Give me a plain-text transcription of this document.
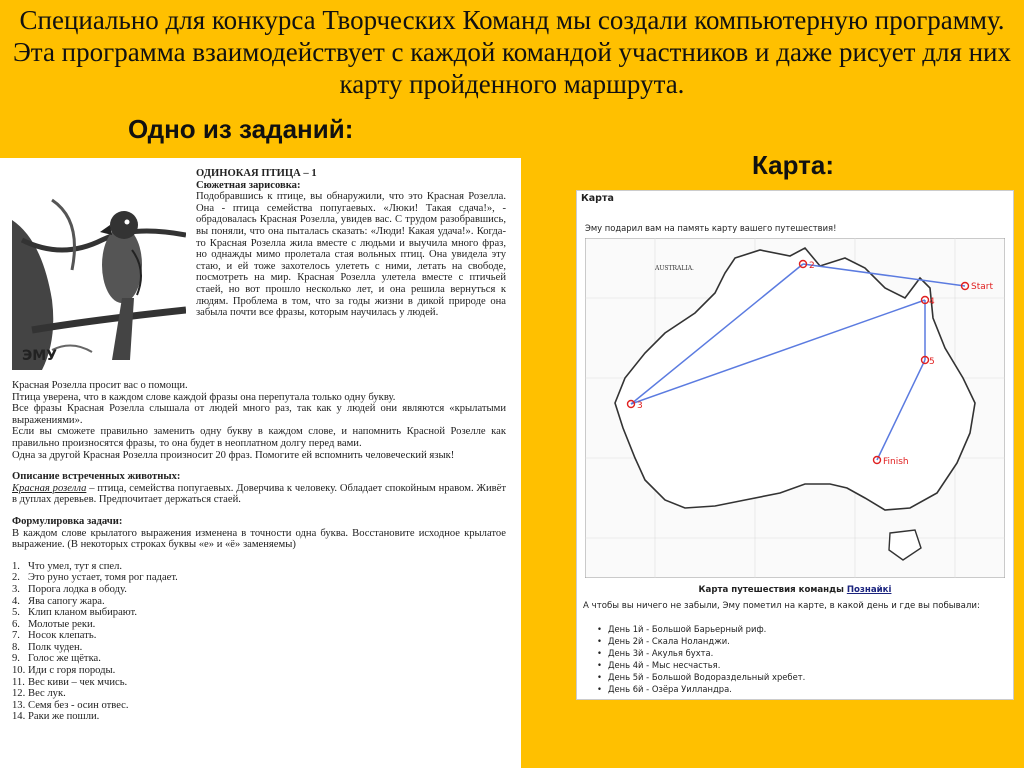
Специально для конкурса Творческих Команд мы создали компьютерную программу. Эта программа взаимодействует с каждой командой участников и даже рисует для них карту пройденного маршрута.
Одно из заданий:
Карта:
ЭМУ
ОДИНОКАЯ ПТИЦА – 1
Сюжетная зарисовка:
Подобравшись к птице, вы обнаружили, что это Красная Розелла. Она - птица семейства попугаевых. «Люки! Такая сдача!», - обрадовалась Красная Розелла, увидев вас. С трудом разобравшись, вы поняли, что она пыталась сказать: «Люди! Какая удача!». Когда-то Красная Розелла жила вместе с людьми и выучила много фраз, но однажды мимо пролетала стая вольных птиц. Она увидела эту стаю, и ей тоже захотелось улететь с ними, летать на свободе, посмотреть на мир. Красная Розелла улетела вместе с птичьей стаей, но вот прошло несколько лет, и она решила вернуться к людям. Проблема в том, что за годы жизни в дикой природе она забыла почти все фразы, которым научилась у людей.

Красная Розелла просит вас о помощи.

Птица уверена, что в каждом слове каждой фразы она перепутала только одну букву.

Все фразы Красная Розелла слышала от людей много раз, так как у людей они являются «крылатыми выражениями».

Если вы сможете правильно заменить одну букву в каждом слове, и напомнить Красной Розелле как правильно произносятся фразы, то она будет в неоплатном долгу перед вами.

Одна за другой Красная Розелла произносит 20 фраз. Помогите ей вспомнить человеческий язык!

Описание встреченных животных:

Красная розелла – птица, семейства попугаевых. Доверчива к человеку. Обладает спокойным нравом. Живёт в дуплах деревьев. Предпочитает держаться стаей.

Формулировка задачи:

В каждом слове крылатого выражения изменена в точности одна буква. Восстановите исходное крылатое выражение. (В некоторых строках буквы «е» и «ё» заменяемы)

1. Что умел, тут я спел.
2. Это руно устает, томя рог падает.
3. Порога лодка в ободу.
4. Ява сапогу жара.
5. Клип кланом выбирают.
6. Молотые реки.
7. Носок клепать.
8. Полк чуден.
9. Голос же щётка.
10. Иди с горя породы.
11. Вес киви – чек мчись.
12. Вес лук.
13. Семя без - осин отвес.
14. Раки же пошли.
Карта
Эму подарил вам на память карту вашего путешествия!
AUSTRALIA.
Start
2
3
4
5
Finish
Карта путешествия команды Познайкі
А чтобы вы ничего не забыли, Эму пометил на карте, в какой день и где вы побывали:
• День 1й - Большой Барьерный риф.
• День 2й - Скала Ноланджи.
• День 3й - Акулья бухта.
• День 4й - Мыс несчастья.
• День 5й - Большой Водораздельный хребет.
• День 6й - Озёра Уилландра.
